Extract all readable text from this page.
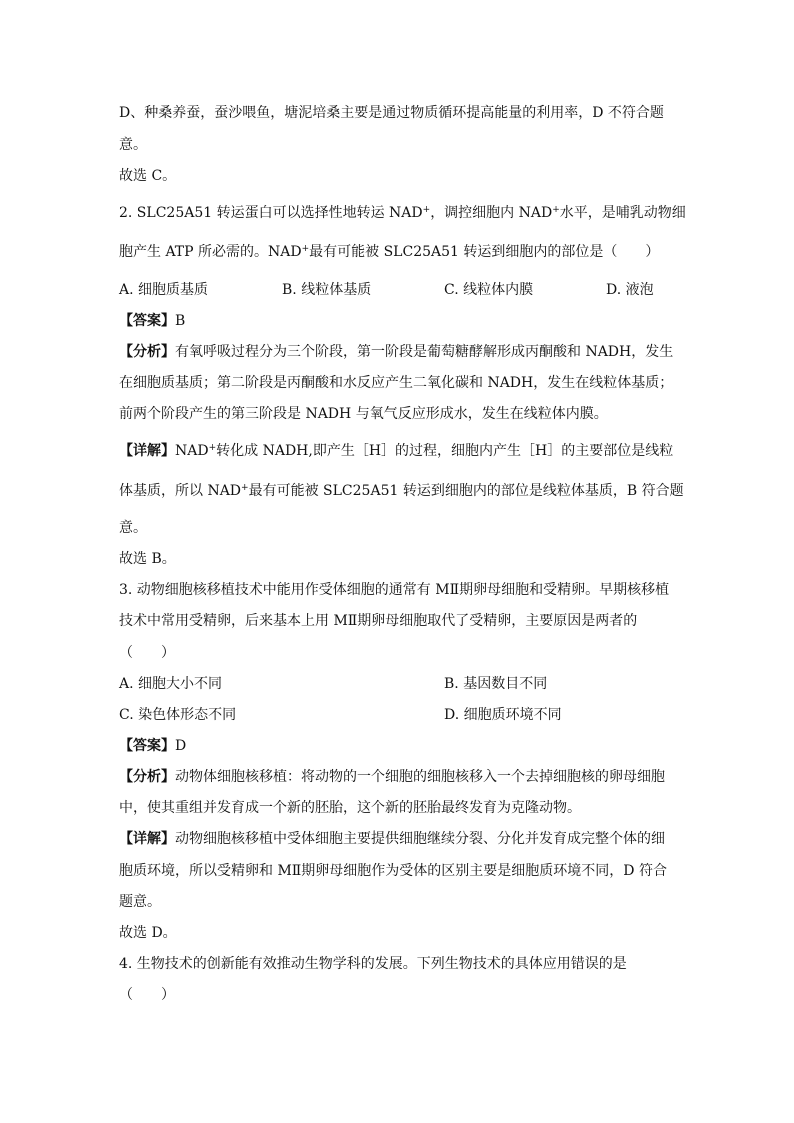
D、种桑养蚕，蚕沙喂鱼，塘泥培桑主要是通过物质循环提高能量的利用率，D 不符合题
意。
故选 C。
2. SLC25A51 转运蛋白可以选择性地转运 NAD+，调控细胞内 NAD+水平，是哺乳动物细
胞产生 ATP 所必需的。NAD+最有可能被 SLC25A51 转运到细胞内的部位是（　　）
A. 细胞质基质	B. 线粒体基质	C. 线粒体内膜	D. 液泡
【答案】B
【分析】有氧呼吸过程分为三个阶段，第一阶段是葡萄糖酵解形成丙酮酸和 NADH，发生
在细胞质基质；第二阶段是丙酮酸和水反应产生二氧化碳和 NADH，发生在线粒体基质；
前两个阶段产生的第三阶段是 NADH 与氧气反应形成水，发生在线粒体内膜。
【详解】NAD+转化成 NADH,即产生［H］的过程，细胞内产生［H］的主要部位是线粒
体基质，所以 NAD+最有可能被 SLC25A51 转运到细胞内的部位是线粒体基质，B 符合题
意。
故选 B。
3. 动物细胞核移植技术中能用作受体细胞的通常有 MⅡ期卵母细胞和受精卵。早期核移植
技术中常用受精卵，后来基本上用 MⅡ期卵母细胞取代了受精卵，主要原因是两者的
（　　）
A. 细胞大小不同	B. 基因数目不同
C. 染色体形态不同	D. 细胞质环境不同
【答案】D
【分析】动物体细胞核移植：将动物的一个细胞的细胞核移入一个去掉细胞核的卵母细胞
中，使其重组并发育成一个新的胚胎，这个新的胚胎最终发育为克隆动物。
【详解】动物细胞核移植中受体细胞主要提供细胞继续分裂、分化并发育成完整个体的细
胞质环境，所以受精卵和 MⅡ期卵母细胞作为受体的区别主要是细胞质环境不同，D 符合
题意。
故选 D。
4. 生物技术的创新能有效推动生物学科的发展。下列生物技术的具体应用错误的是
（　　）
